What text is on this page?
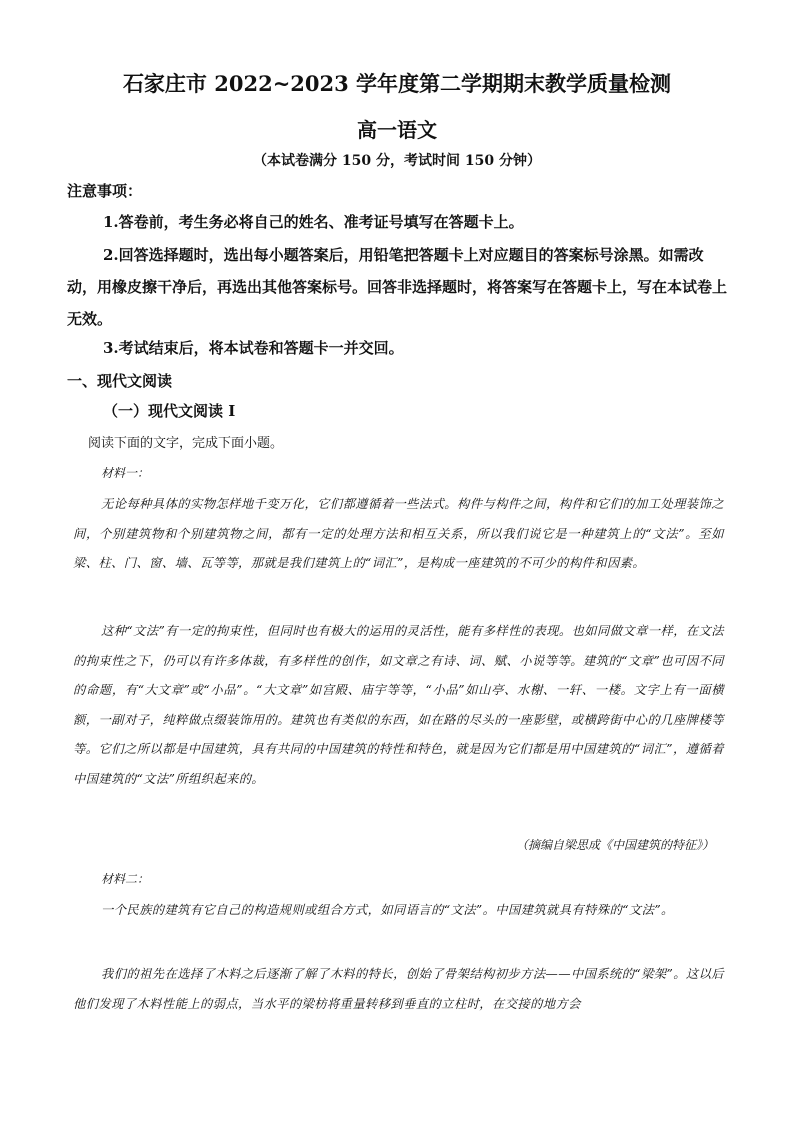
石家庄市 2022~2023 学年度第二学期期末教学质量检测
高一语文
（本试卷满分 150 分，考试时间 150 分钟）
注意事项：
1.答卷前，考生务必将自己的姓名、准考证号填写在答题卡上。
2.回答选择题时，选出每小题答案后，用铅笔把答题卡上对应题目的答案标号涂黑。如需改动，用橡皮擦干净后，再选出其他答案标号。回答非选择题时，将答案写在答题卡上，写在本试卷上无效。
3.考试结束后，将本试卷和答题卡一并交回。
一、现代文阅读
（一）现代文阅读 I
阅读下面的文字，完成下面小题。
材料一：
无论每种具体的实物怎样地千变万化，它们都遵循着一些法式。构件与构件之间，构件和它们的加工处理装饰之间，个别建筑物和个别建筑物之间，都有一定的处理方法和相互关系，所以我们说它是一种建筑上的“文法”。至如梁、柱、门、窗、墙、瓦等等，那就是我们建筑上的“词汇”，是构成一座建筑的不可少的构件和因素。
这种“文法”有一定的拘束性，但同时也有极大的运用的灵活性，能有多样性的表现。也如同做文章一样，在文法的拘束性之下，仍可以有许多体裁，有多样性的创作，如文章之有诗、词、赋、小说等等。建筑的“文章”也可因不同的命题，有“大文章”或“小品”。“大文章”如宫殿、庙宇等等，“小品”如山亭、水榭、一轩、一楼。文字上有一面横额，一副对子，纯粹做点缀装饰用的。建筑也有类似的东西，如在路的尽头的一座影壁，或横跨街中心的几座牌楼等等。它们之所以都是中国建筑，具有共同的中国建筑的特性和特色，就是因为它们都是用中国建筑的“词汇”，遵循着中国建筑的“文法”所组织起来的。
（摘编自梁思成《中国建筑的特征》）
材料二：
一个民族的建筑有它自己的构造规则或组合方式，如同语言的“文法”。中国建筑就具有特殊的“文法”。
我们的祖先在选择了木料之后逐渐了解了木料的特长，创始了骨架结构初步方法——中国系统的“梁架”。这以后他们发现了木料性能上的弱点，当水平的梁枋将重量转移到垂直的立柱时，在交接的地方会
